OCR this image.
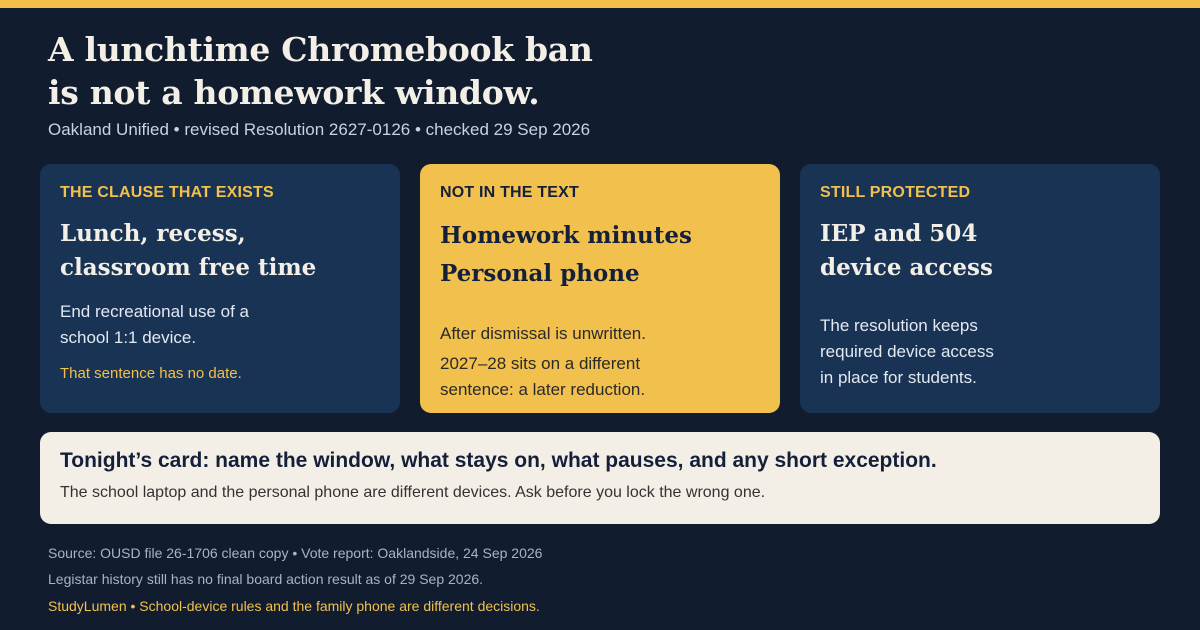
A lunchtime Chromebook ban
is not a homework window.
Oakland Unified • revised Resolution 2627-0126 • checked 29 Sep 2026
THE CLAUSE THAT EXISTS
Lunch, recess,
classroom free time
End recreational use of a
school 1:1 device.
That sentence has no date.
NOT IN THE TEXT
Homework minutes
Personal phone
After dismissal is unwritten.
2027–28 sits on a different
sentence: a later reduction.
STILL PROTECTED
IEP and 504
device access
The resolution keeps
required device access
in place for students.
Tonight’s card: name the window, what stays on, what pauses, and any short exception.
The school laptop and the personal phone are different devices. Ask before you lock the wrong one.
Source: OUSD file 26-1706 clean copy • Vote report: Oaklandside, 24 Sep 2026
Legistar history still has no final board action result as of 29 Sep 2026.
StudyLumen • School-device rules and the family phone are different decisions.
